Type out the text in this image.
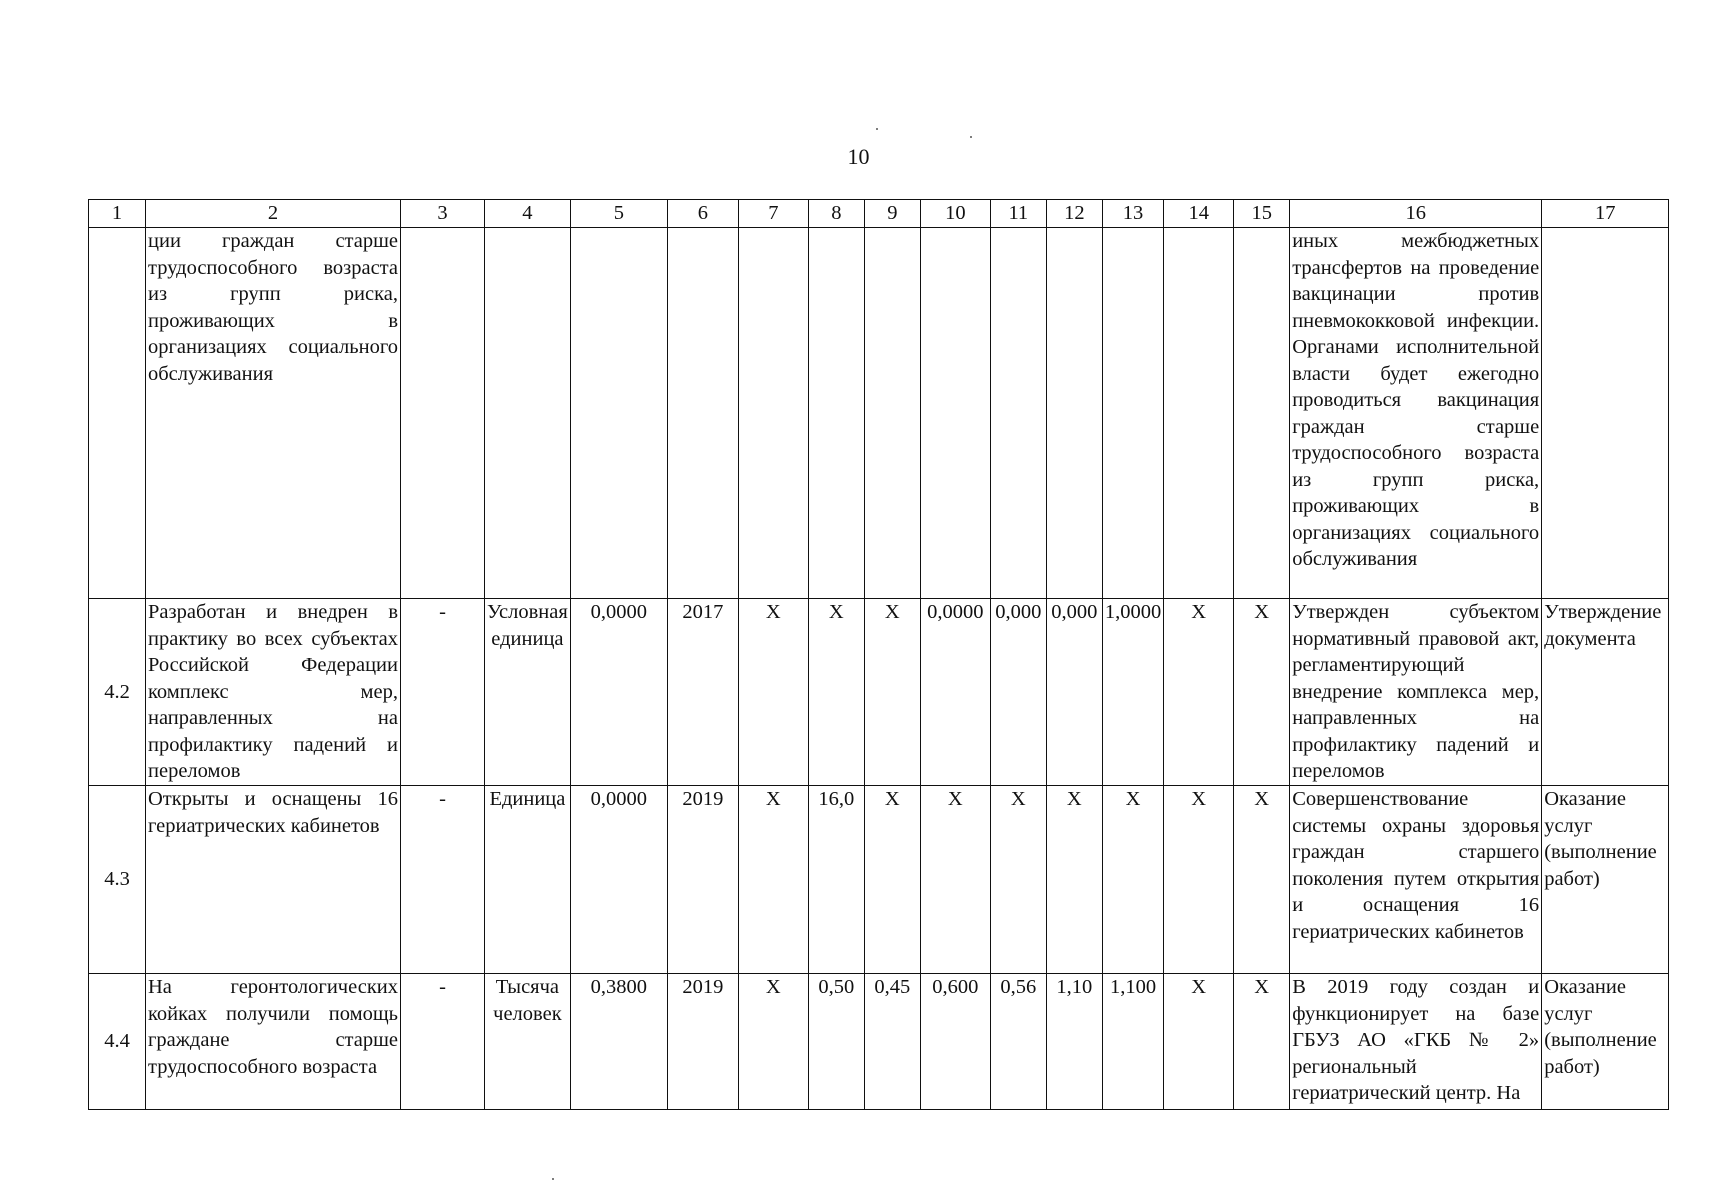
10
1	2	3	4	5	6	7	8	9	10	11	12	13	14	15	16	17
	ции граждан старше трудоспособного возраста из групп риска, проживающих в организациях социального обслуживания														иных межбюджетных трансфертов на проведение вакцинации против пневмококковой инфекции. Органами исполнительной власти будет ежегодно проводиться вакцинация граждан старше трудоспособного возраста из групп риска, проживающих в организациях социального обслуживания	
4.2	Разработан и внедрен в практику во всех субъектах Российской Федерации комплекс мер, направленных на профилактику падений и переломов	-	Условная единица	0,0000	2017	X	X	X	0,0000	0,000	0,000	1,0000	X	X	Утвержден субъектом нормативный правовой акт, регламентирующий внедрение комплекса мер, направленных на профилактику падений и переломов	Утверждение документа
4.3	Открыты и оснащены 16 гериатрических кабинетов	-	Единица	0,0000	2019	X	16,0	X	X	X	X	X	X	X	Совершенствование системы охраны здоровья граждан старшего поколения путем открытия и оснащения 16 гериатрических кабинетов	Оказание услуг (выполнение работ)
4.4	На геронтологических койках получили помощь граждане старше трудоспособного возраста	-	Тысяча человек	0,3800	2019	X	0,50	0,45	0,600	0,56	1,10	1,100	X	X	В 2019 году создан и функционирует на базе ГБУЗ АО «ГКБ № 2» региональный гериатрический центр. На	Оказание услуг (выполнение работ)
